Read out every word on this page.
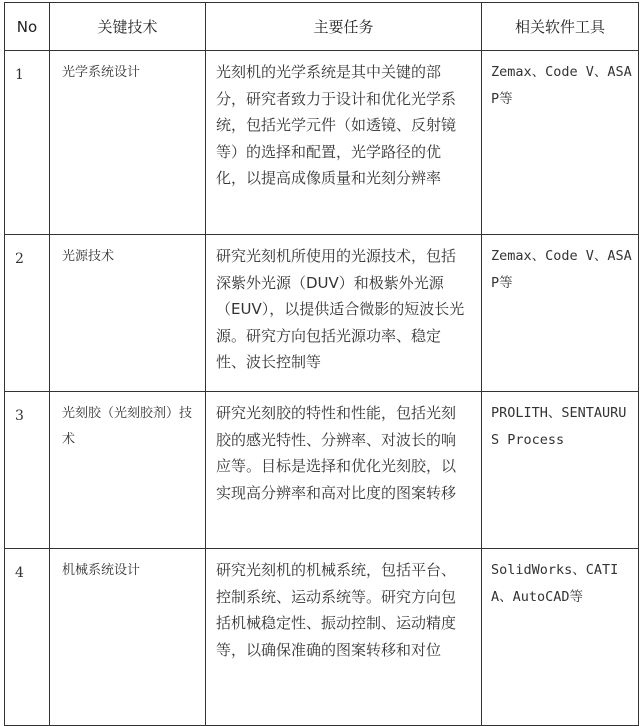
No	关键技术	主要任务	相关软件工具
1	光学系统设计	光刻机的光学系统是其中关键的部分，研究者致力于设计和优化光学系统，包括光学元件（如透镜、反射镜等）的选择和配置，光学路径的优化，以提高成像质量和光刻分辨率	Zemax、Code V、ASAP等
2	光源技术	研究光刻机所使用的光源技术，包括深紫外光源（DUV）和极紫外光源（EUV），以提供适合微影的短波长光源。研究方向包括光源功率、稳定性、波长控制等	Zemax、Code V、ASAP等
3	光刻胶（光刻胶剂）技术	研究光刻胶的特性和性能，包括光刻胶的感光特性、分辨率、对波长的响应等。目标是选择和优化光刻胶，以实现高分辨率和高对比度的图案转移	PROLITH、SENTAURUS Process
4	机械系统设计	研究光刻机的机械系统，包括平台、控制系统、运动系统等。研究方向包括机械稳定性、振动控制、运动精度等，以确保准确的图案转移和对位	SolidWorks、CATIA、AutoCAD等
